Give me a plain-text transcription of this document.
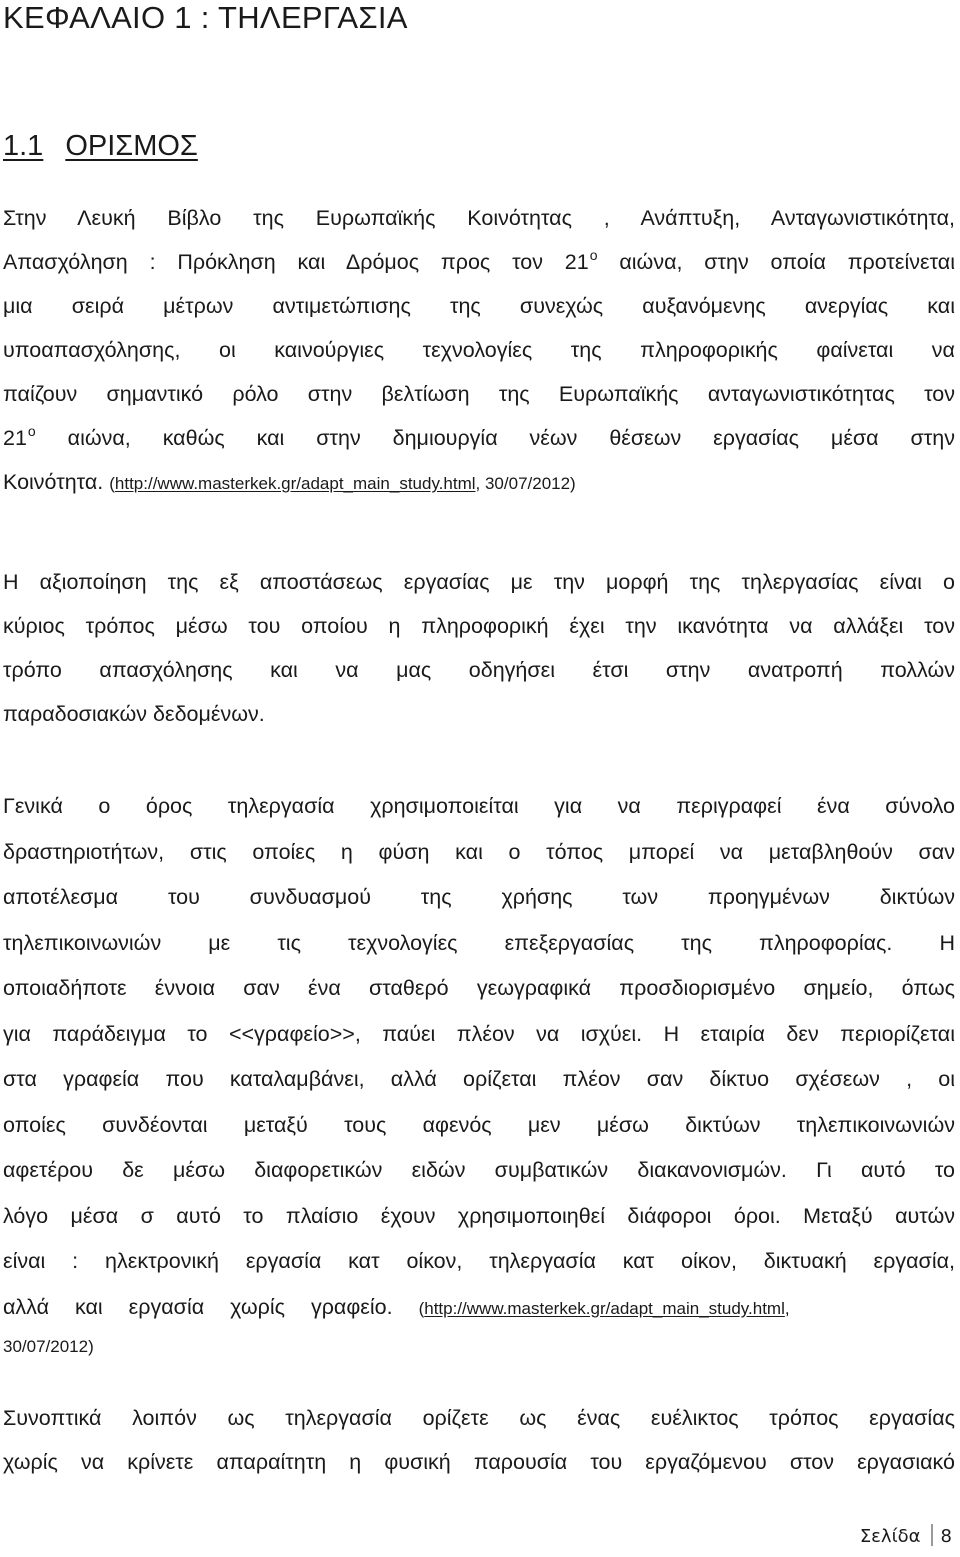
ΚΕΦΑΛΑΙΟ 1 : ΤΗΛΕΡΓΑΣΙΑ
1.1 ΟΡΙΣΜΟΣ
Στην Λευκή Βίβλο της Ευρωπαϊκής Κοινότητας , Ανάπτυξη, Ανταγωνιστικότητα,
Απασχόληση : Πρόκληση και Δρόμος προς τον $21^o$ αιώνα, στην οποία προτείνεται
μια σειρά μέτρων αντιμετώπισης της συνεχώς αυξανόμενης ανεργίας και
υποαπασχόλησης, οι καινούργιες τεχνολογίες της πληροφορικής φαίνεται να
παίζουν σημαντικό ρόλο στην βελτίωση της Ευρωπαϊκής ανταγωνιστικότητας τον
$21^o$ αιώνα, καθώς και στην δημιουργία νέων θέσεων εργασίας μέσα στην
Κοινότητα. (http://www.masterkek.gr/adapt_main_study.html, 30/07/2012)
Η αξιοποίηση της εξ αποστάσεως εργασίας με την μορφή της τηλεργασίας είναι ο
κύριος τρόπος μέσω του οποίου η πληροφορική έχει την ικανότητα να αλλάξει τον
τρόπο απασχόλησης και να μας οδηγήσει έτσι στην ανατροπή πολλών
παραδοσιακών δεδομένων.
Γενικά ο όρος τηλεργασία χρησιμοποιείται για να περιγραφεί ένα σύνολο
δραστηριοτήτων, στις οποίες η φύση και ο τόπος μπορεί να μεταβληθούν σαν
αποτέλεσμα του συνδυασμού της χρήσης των προηγμένων δικτύων
τηλεπικοινωνιών με τις τεχνολογίες επεξεργασίας της πληροφορίας. Η
οποιαδήποτε έννοια σαν ένα σταθερό γεωγραφικά προσδιορισμένο σημείο, όπως
για παράδειγμα το <<γραφείο>>, παύει πλέον να ισχύει. Η εταιρία δεν περιορίζεται
στα γραφεία που καταλαμβάνει, αλλά ορίζεται πλέον σαν δίκτυο σχέσεων , οι
οποίες συνδέονται μεταξύ τους αφενός μεν μέσω δικτύων τηλεπικοινωνιών
αφετέρου δε μέσω διαφορετικών ειδών συμβατικών διακανονισμών. Γι αυτό το
λόγο μέσα σ αυτό το πλαίσιο έχουν χρησιμοποιηθεί διάφοροι όροι. Μεταξύ αυτών
είναι : ηλεκτρονική εργασία κατ οίκον, τηλεργασία κατ οίκον, δικτυακή εργασία,
αλλά και εργασία χωρίς γραφείο. (http://www.masterkek.gr/adapt_main_study.html,
30/07/2012)
Συνοπτικά λοιπόν ως τηλεργασία ορίζετε ως ένας ευέλικτος τρόπος εργασίας
χωρίς να κρίνετε απαραίτητη η φυσική παρουσία του εργαζόμενου στον εργασιακό
Σελίδα 8
